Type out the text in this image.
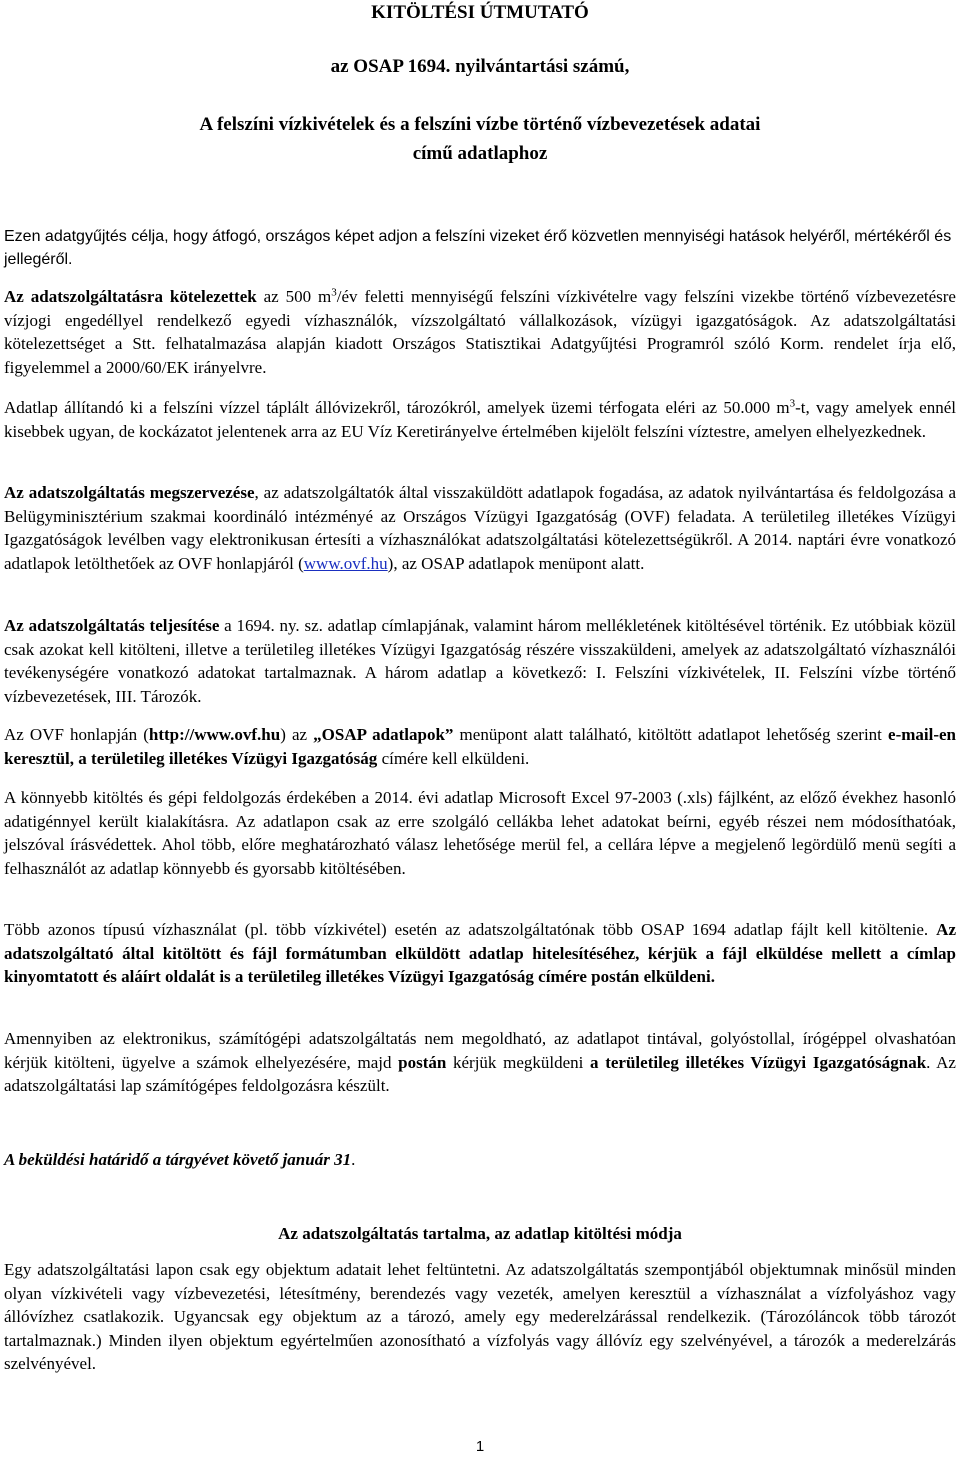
KITÖLTÉSI ÚTMUTATÓ
az OSAP 1694. nyilvántartási számú,
A felszíni vízkivételek és a felszíni vízbe történő vízbevezetések adatai
című adatlaphoz
Ezen adatgyűjtés célja, hogy átfogó, országos képet adjon a felszíni vizeket érő közvetlen mennyiségi hatások helyéről, mértékéről és jellegéről.
Az adatszolgáltatásra kötelezettek az 500 $m^3/év$ feletti mennyiségű felszíni vízkivételre vagy felszíni vizekbe történő vízbevezetésre vízjogi engedéllyel rendelkező egyedi vízhasználók, vízszolgáltató vállalkozások, vízügyi igazgatóságok. Az adatszolgáltatási kötelezettséget a Stt. felhatalmazása alapján kiadott Országos Statisztikai Adatgyűjtési Programról szóló Korm. rendelet írja elő, figyelemmel a 2000/60/EK irányelvre.
Adatlap állítandó ki a felszíni vízzel táplált állóvizekről, tározókról, amelyek üzemi térfogata eléri az 50.000 $m^3-t$, vagy amelyek ennél kisebbek ugyan, de kockázatot jelentenek arra az EU Víz Keretirányelve értelmében kijelölt felszíni víztestre, amelyen elhelyezkednek.
Az adatszolgáltatás megszervezése, az adatszolgáltatók által visszaküldött adatlapok fogadása, az adatok nyilvántartása és feldolgozása a Belügyminisztérium szakmai koordináló intézményé az Országos Vízügyi Igazgatóság (OVF) feladata. A területileg illetékes Vízügyi Igazgatóságok levélben vagy elektronikusan értesíti a vízhasználókat adatszolgáltatási kötelezettségükről. A 2014. naptári évre vonatkozó adatlapok letölthetőek az OVF honlapjáról (www.ovf.hu), az OSAP adatlapok menüpont alatt.
Az adatszolgáltatás teljesítése a 1694. ny. sz. adatlap címlapjának, valamint három mellékletének kitöltésével történik. Ez utóbbiak közül csak azokat kell kitölteni, illetve a területileg illetékes Vízügyi Igazgatóság részére visszaküldeni, amelyek az adatszolgáltató vízhasználói tevékenységére vonatkozó adatokat tartalmaznak. A három adatlap a következő: I. Felszíni vízkivételek, II. Felszíni vízbe történő vízbevezetések, III. Tározók.
Az OVF honlapján (http://www.ovf.hu) az „OSAP adatlapok” menüpont alatt található, kitöltött adatlapot lehetőség szerint e-mail-en keresztül, a területileg illetékes Vízügyi Igazgatóság címére kell elküldeni.
A könnyebb kitöltés és gépi feldolgozás érdekében a 2014. évi adatlap Microsoft Excel 97-2003 (.xls) fájlként, az előző évekhez hasonló adatigénnyel került kialakításra. Az adatlapon csak az erre szolgáló cellákba lehet adatokat beírni, egyéb részei nem módosíthatóak, jelszóval írásvédettek. Ahol több, előre meghatározható válasz lehetősége merül fel, a cellára lépve a megjelenő legördülő menü segíti a felhasználót az adatlap könnyebb és gyorsabb kitöltésében.
Több azonos típusú vízhasználat (pl. több vízkivétel) esetén az adatszolgáltatónak több OSAP 1694 adatlap fájlt kell kitöltenie. Az adatszolgáltató által kitöltött és fájl formátumban elküldött adatlap hitelesítéséhez, kérjük a fájl elküldése mellett a címlap kinyomtatott és aláírt oldalát is a területileg illetékes Vízügyi Igazgatóság címére postán elküldeni.
Amennyiben az elektronikus, számítógépi adatszolgáltatás nem megoldható, az adatlapot tintával, golyóstollal, írógéppel olvashatóan kérjük kitölteni, ügyelve a számok elhelyezésére, majd postán kérjük megküldeni a területileg illetékes Vízügyi Igazgatóságnak. Az adatszolgáltatási lap számítógépes feldolgozásra készült.
A beküldési határidő a tárgyévet követő január 31.
Az adatszolgáltatás tartalma, az adatlap kitöltési módja
Egy adatszolgáltatási lapon csak egy objektum adatait lehet feltüntetni. Az adatszolgáltatás szempontjából objektumnak minősül minden olyan vízkivételi vagy vízbevezetési, létesítmény, berendezés vagy vezeték, amelyen keresztül a vízhasználat a vízfolyáshoz vagy állóvízhez csatlakozik. Ugyancsak egy objektum az a tározó, amely egy mederelzárással rendelkezik. (Tározóláncok több tározót tartalmaznak.) Minden ilyen objektum egyértelműen azonosítható a vízfolyás vagy állóvíz egy szelvényével, a tározók a mederelzárás szelvényével.
1
